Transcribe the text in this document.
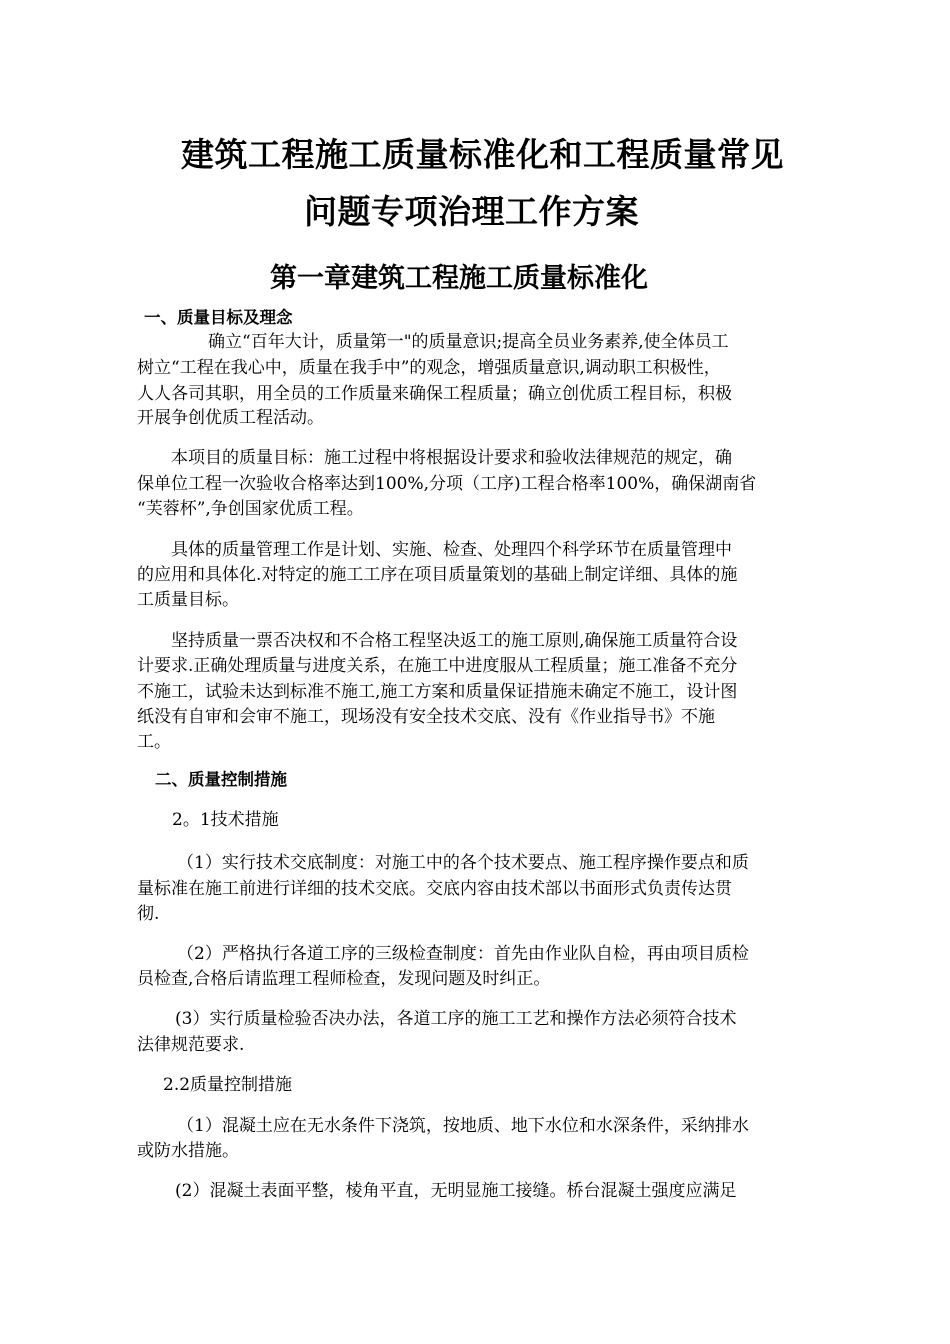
建筑工程施工质量标准化和工程质量常见
问题专项治理工作方案
第一章建筑工程施工质量标准化
一、质量目标及理念
确立“百年大计，质量第一"的质量意识;提高全员业务素养,使全体员工
树立“工程在我心中，质量在我手中”的观念，增强质量意识,调动职工积极性，
人人各司其职，用全员的工作质量来确保工程质量；确立创优质工程目标，积极
开展争创优质工程活动。
本项目的质量目标：施工过程中将根据设计要求和验收法律规范的规定，确
保单位工程一次验收合格率达到100%,分项（工序)工程合格率100%，确保湖南省
“芙蓉杯”,争创国家优质工程。
具体的质量管理工作是计划、实施、检查、处理四个科学环节在质量管理中
的应用和具体化.对特定的施工工序在项目质量策划的基础上制定详细、具体的施
工质量目标。
坚持质量一票否决权和不合格工程坚决返工的施工原则,确保施工质量符合设
计要求.正确处理质量与进度关系，在施工中进度服从工程质量；施工准备不充分
不施工，试验未达到标准不施工,施工方案和质量保证措施未确定不施工，设计图
纸没有自审和会审不施工，现场没有安全技术交底、没有《作业指导书》不施
工。
二、质量控制措施
2。1技术措施
（1）实行技术交底制度：对施工中的各个技术要点、施工程序操作要点和质
量标准在施工前进行详细的技术交底。交底内容由技术部以书面形式负责传达贯
彻.
（2）严格执行各道工序的三级检查制度：首先由作业队自检，再由项目质检
员检查,合格后请监理工程师检查，发现问题及时纠正。
(3）实行质量检验否决办法，各道工序的施工工艺和操作方法必须符合技术
法律规范要求.
2.2质量控制措施
（1）混凝土应在无水条件下浇筑，按地质、地下水位和水深条件，采纳排水
或防水措施。
(2）混凝土表面平整，棱角平直，无明显施工接缝。桥台混凝土强度应满足
